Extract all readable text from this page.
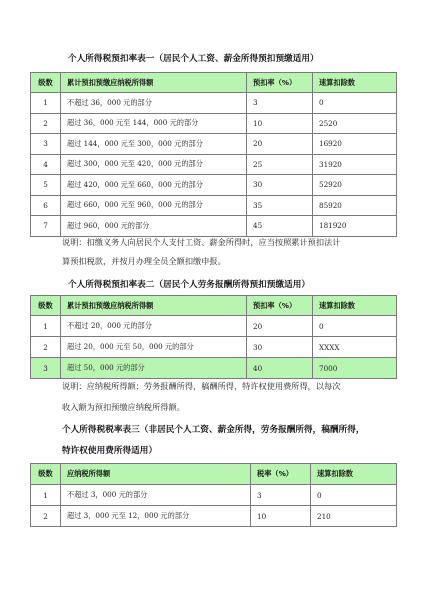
个人所得税预扣率表一（居民个人工资、薪金所得预扣预缴适用）
级数	累计预扣预缴应纳税所得额	预扣率（%）	速算扣除数
1	不超过 36，000 元的部分	3	0
2	超过 36，000 元至 144，000 元的部分	10	2520
3	超过 144，000 元至 300，000 元的部分	20	16920
4	超过 300，000 元至 420，000 元的部分	25	31920
5	超过 420，000 元至 660，000 元的部分	30	52920
6	超过 660，000 元至 960，000 元的部分	35	85920
7	超过 960，000 元的部分	45	181920
说明：扣缴义务人向居民个人支付工资、薪金所得时，应当按照累计预扣法计
算预扣税款，并按月办理全员全额扣缴申报。
个人所得税预扣率表二（居民个人劳务报酬所得预扣预缴适用）
级数	累计预扣预缴应纳税所得额	预扣率（%）	速算扣除数
1	不超过 20，000 元的部分	20	0
2	超过 20，000 元至 50，000 元的部分	30	XXXX
3	超过 50，000 元的部分	40	7000
说明：应纳税所得额：劳务报酬所得，稿酬所得，特许权使用费所得，以每次
收入额为预扣预缴应纳税所得额。
个人所得税税率表三（非居民个人工资、薪金所得，劳务报酬所得，稿酬所得，
特许权使用费所得适用）
级数	应纳税所得额	税率（%）	速算扣除数
1	不超过 3，000 元的部分	3	0
2	超过 3，000 元至 12，000 元的部分	10	210
